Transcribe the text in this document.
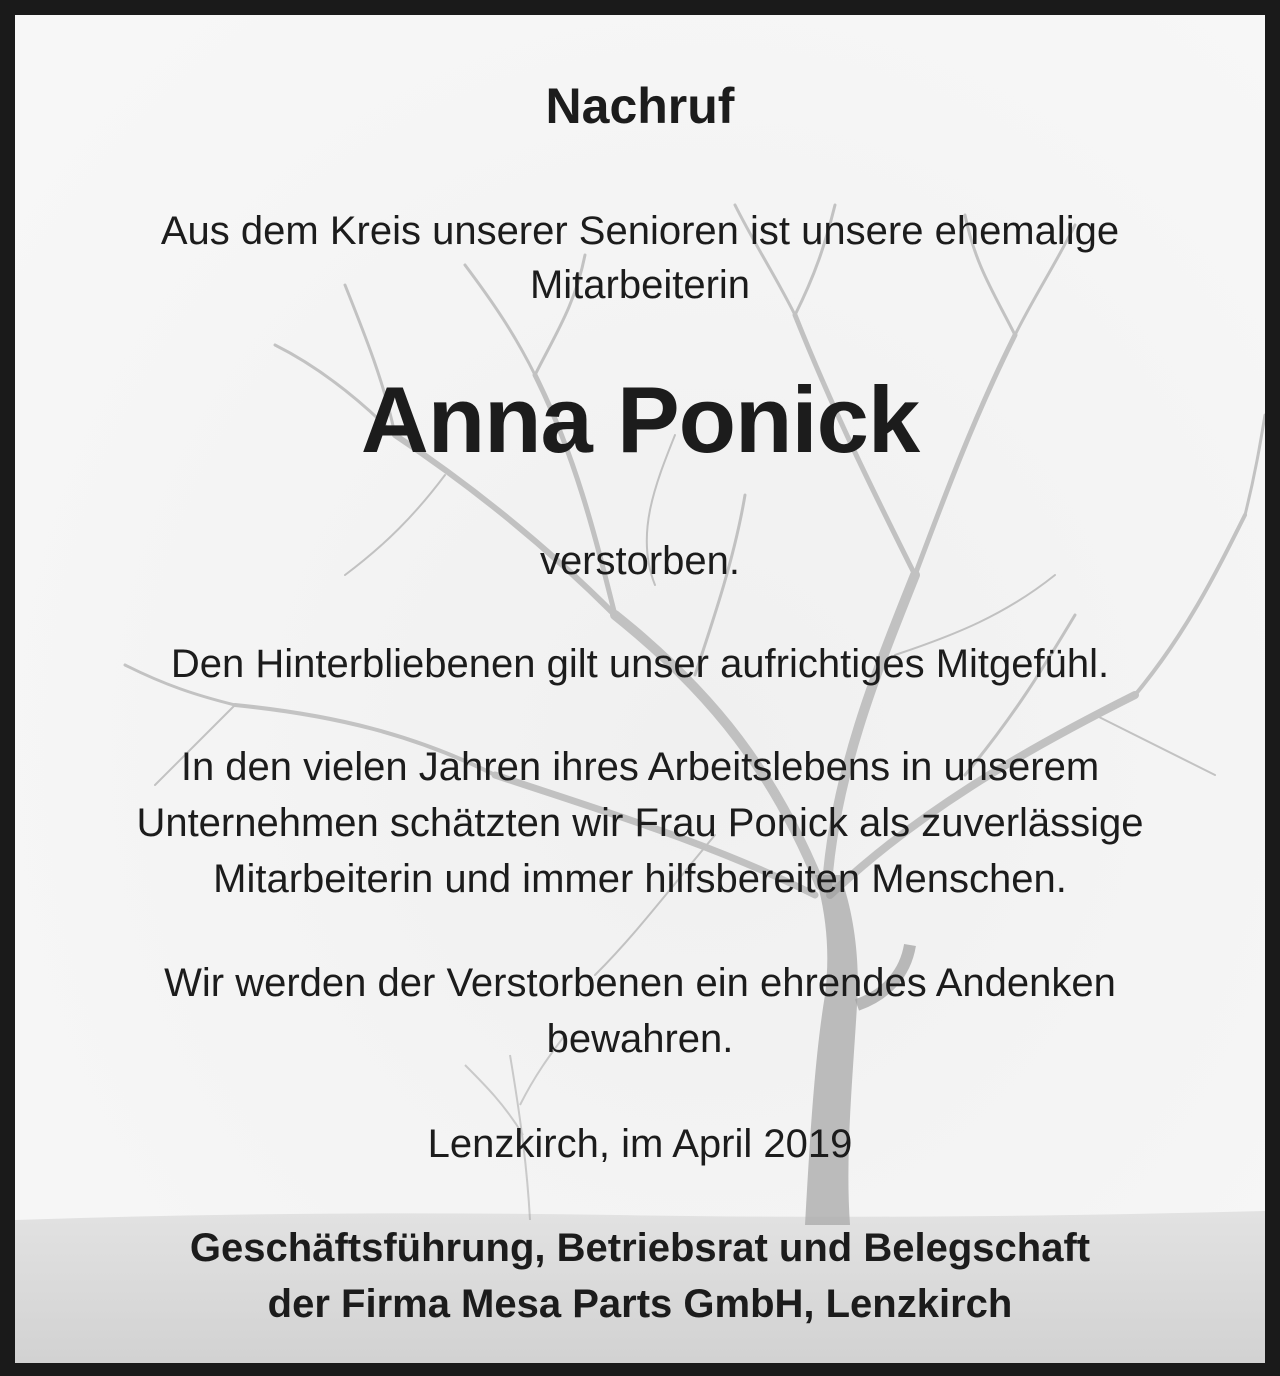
Nachruf

Aus dem Kreis unserer Senioren ist unsere ehemalige

Mitarbeiterin

Anna Ponick

verstorben.

Den Hinterbliebenen gilt unser aufrichtiges Mitgefühl.

In den vielen Jahren ihres Arbeitslebens in unserem

Unternehmen schätzten wir Frau Ponick als zuverlässige

Mitarbeiterin und immer hilfsbereiten Menschen.

Wir werden der Verstorbenen ein ehrendes Andenken

bewahren.

Lenzkirch, im April 2019

Geschäftsführung, Betriebsrat und Belegschaft

der Firma Mesa Parts GmbH, Lenzkirch
